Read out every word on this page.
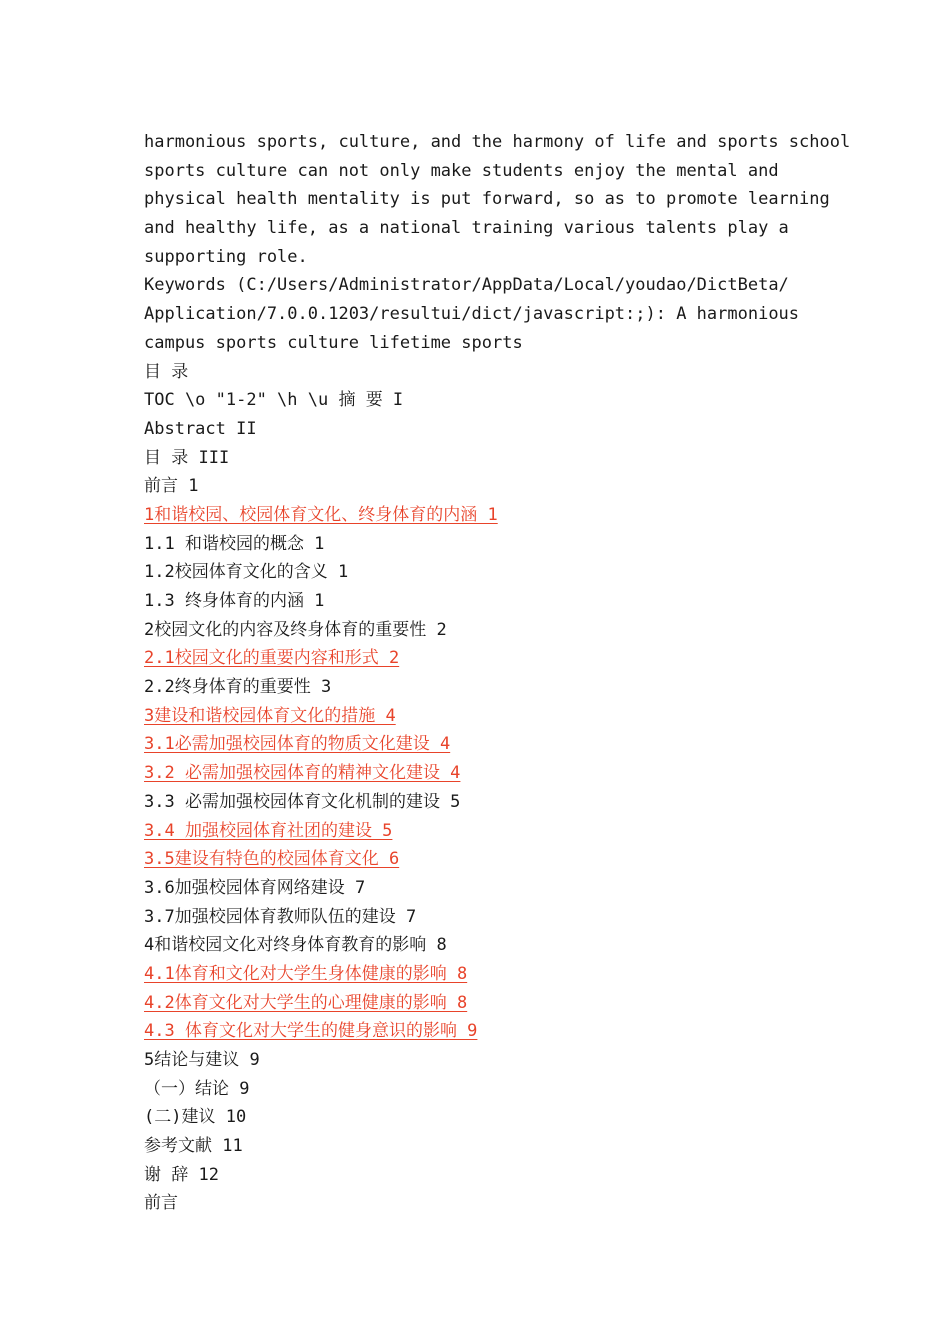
harmonious sports, culture, and the harmony of life and sports school
sports culture can not only make students enjoy the mental and
physical health mentality is put forward, so as to promote learning
and healthy life, as a national training various talents play a
supporting role.
Keywords (C:/Users/Administrator/AppData/Local/youdao/DictBeta/
Application/7.0.0.1203/resultui/dict/javascript:;): A harmonious
campus sports culture lifetime sports
目 录
TOC \o "1-2" \h \u 摘 要 I
Abstract II
目 录 III
前言 1
1和谐校园、校园体育文化、终身体育的内涵 1
1.1 和谐校园的概念 1
1.2校园体育文化的含义 1
1.3 终身体育的内涵 1
2校园文化的内容及终身体育的重要性 2
2.1校园文化的重要内容和形式 2
2.2终身体育的重要性 3
3建设和谐校园体育文化的措施 4
3.1必需加强校园体育的物质文化建设 4
3.2 必需加强校园体育的精神文化建设 4
3.3 必需加强校园体育文化机制的建设 5
3.4 加强校园体育社团的建设 5
3.5建设有特色的校园体育文化 6
3.6加强校园体育网络建设 7
3.7加强校园体育教师队伍的建设 7
4和谐校园文化对终身体育教育的影响 8
4.1体育和文化对大学生身体健康的影响 8
4.2体育文化对大学生的心理健康的影响 8
4.3 体育文化对大学生的健身意识的影响 9
5结论与建议 9
（一）结论 9
(二)建议 10
参考文献 11
谢 辞 12
前言
